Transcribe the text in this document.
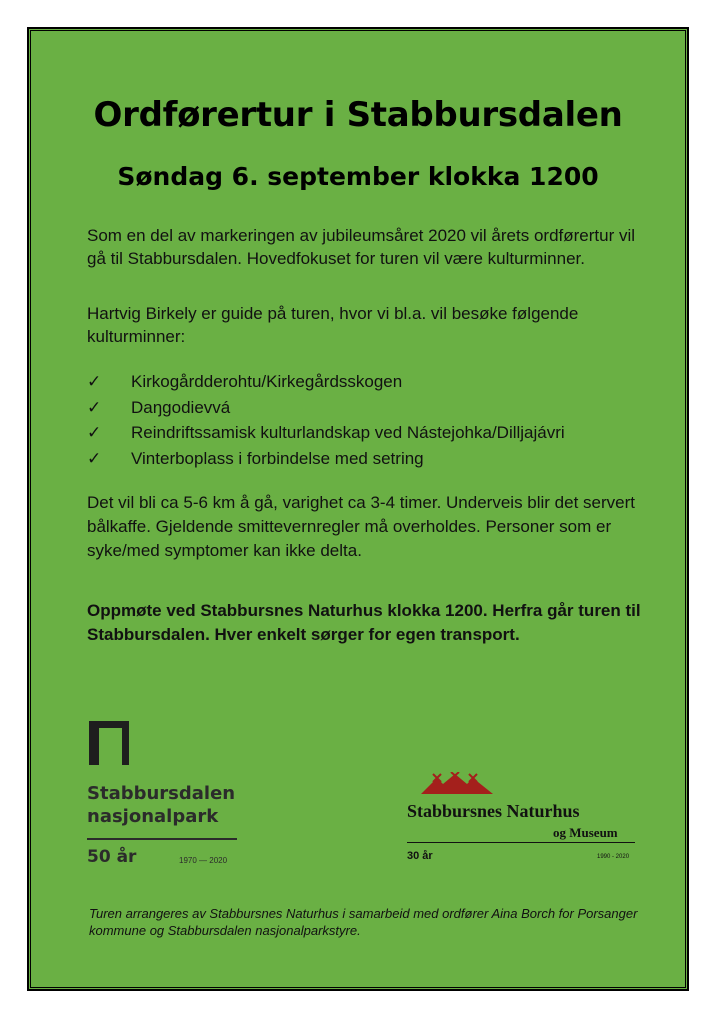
Ordførertur i Stabbursdalen
Søndag 6. september klokka 1200
Som en del av markeringen av jubileumsåret 2020 vil årets ordførertur vil gå til Stabbursdalen. Hovedfokuset for turen vil være kulturminner.
Hartvig Birkely er guide på turen, hvor vi bl.a. vil besøke følgende kulturminner:
✓	Kirkogårdderohtu/Kirkegårdsskogen
✓	Daŋgodievvá
✓	Reindriftssamisk kulturlandskap ved Nástejohka/Dilljajávri
✓	Vinterboplass i forbindelse med setring
Det vil bli ca 5-6 km å gå, varighet ca 3-4 timer. Underveis blir det servert bålkaffe. Gjeldende smittevernregler må overholdes. Personer som er syke/med symptomer kan ikke delta.
Oppmøte ved Stabbursnes Naturhus klokka 1200. Herfra går turen til Stabbursdalen. Hver enkelt sørger for egen transport.
Stabbursdalen
nasjonalpark
50 år	1970 — 2020
Stabbursnes Naturhus
og Museum
30 år	1990 - 2020
Turen arrangeres av Stabbursnes Naturhus i samarbeid med ordfører Aina Borch for Porsanger kommune og Stabbursdalen nasjonalparkstyre.
